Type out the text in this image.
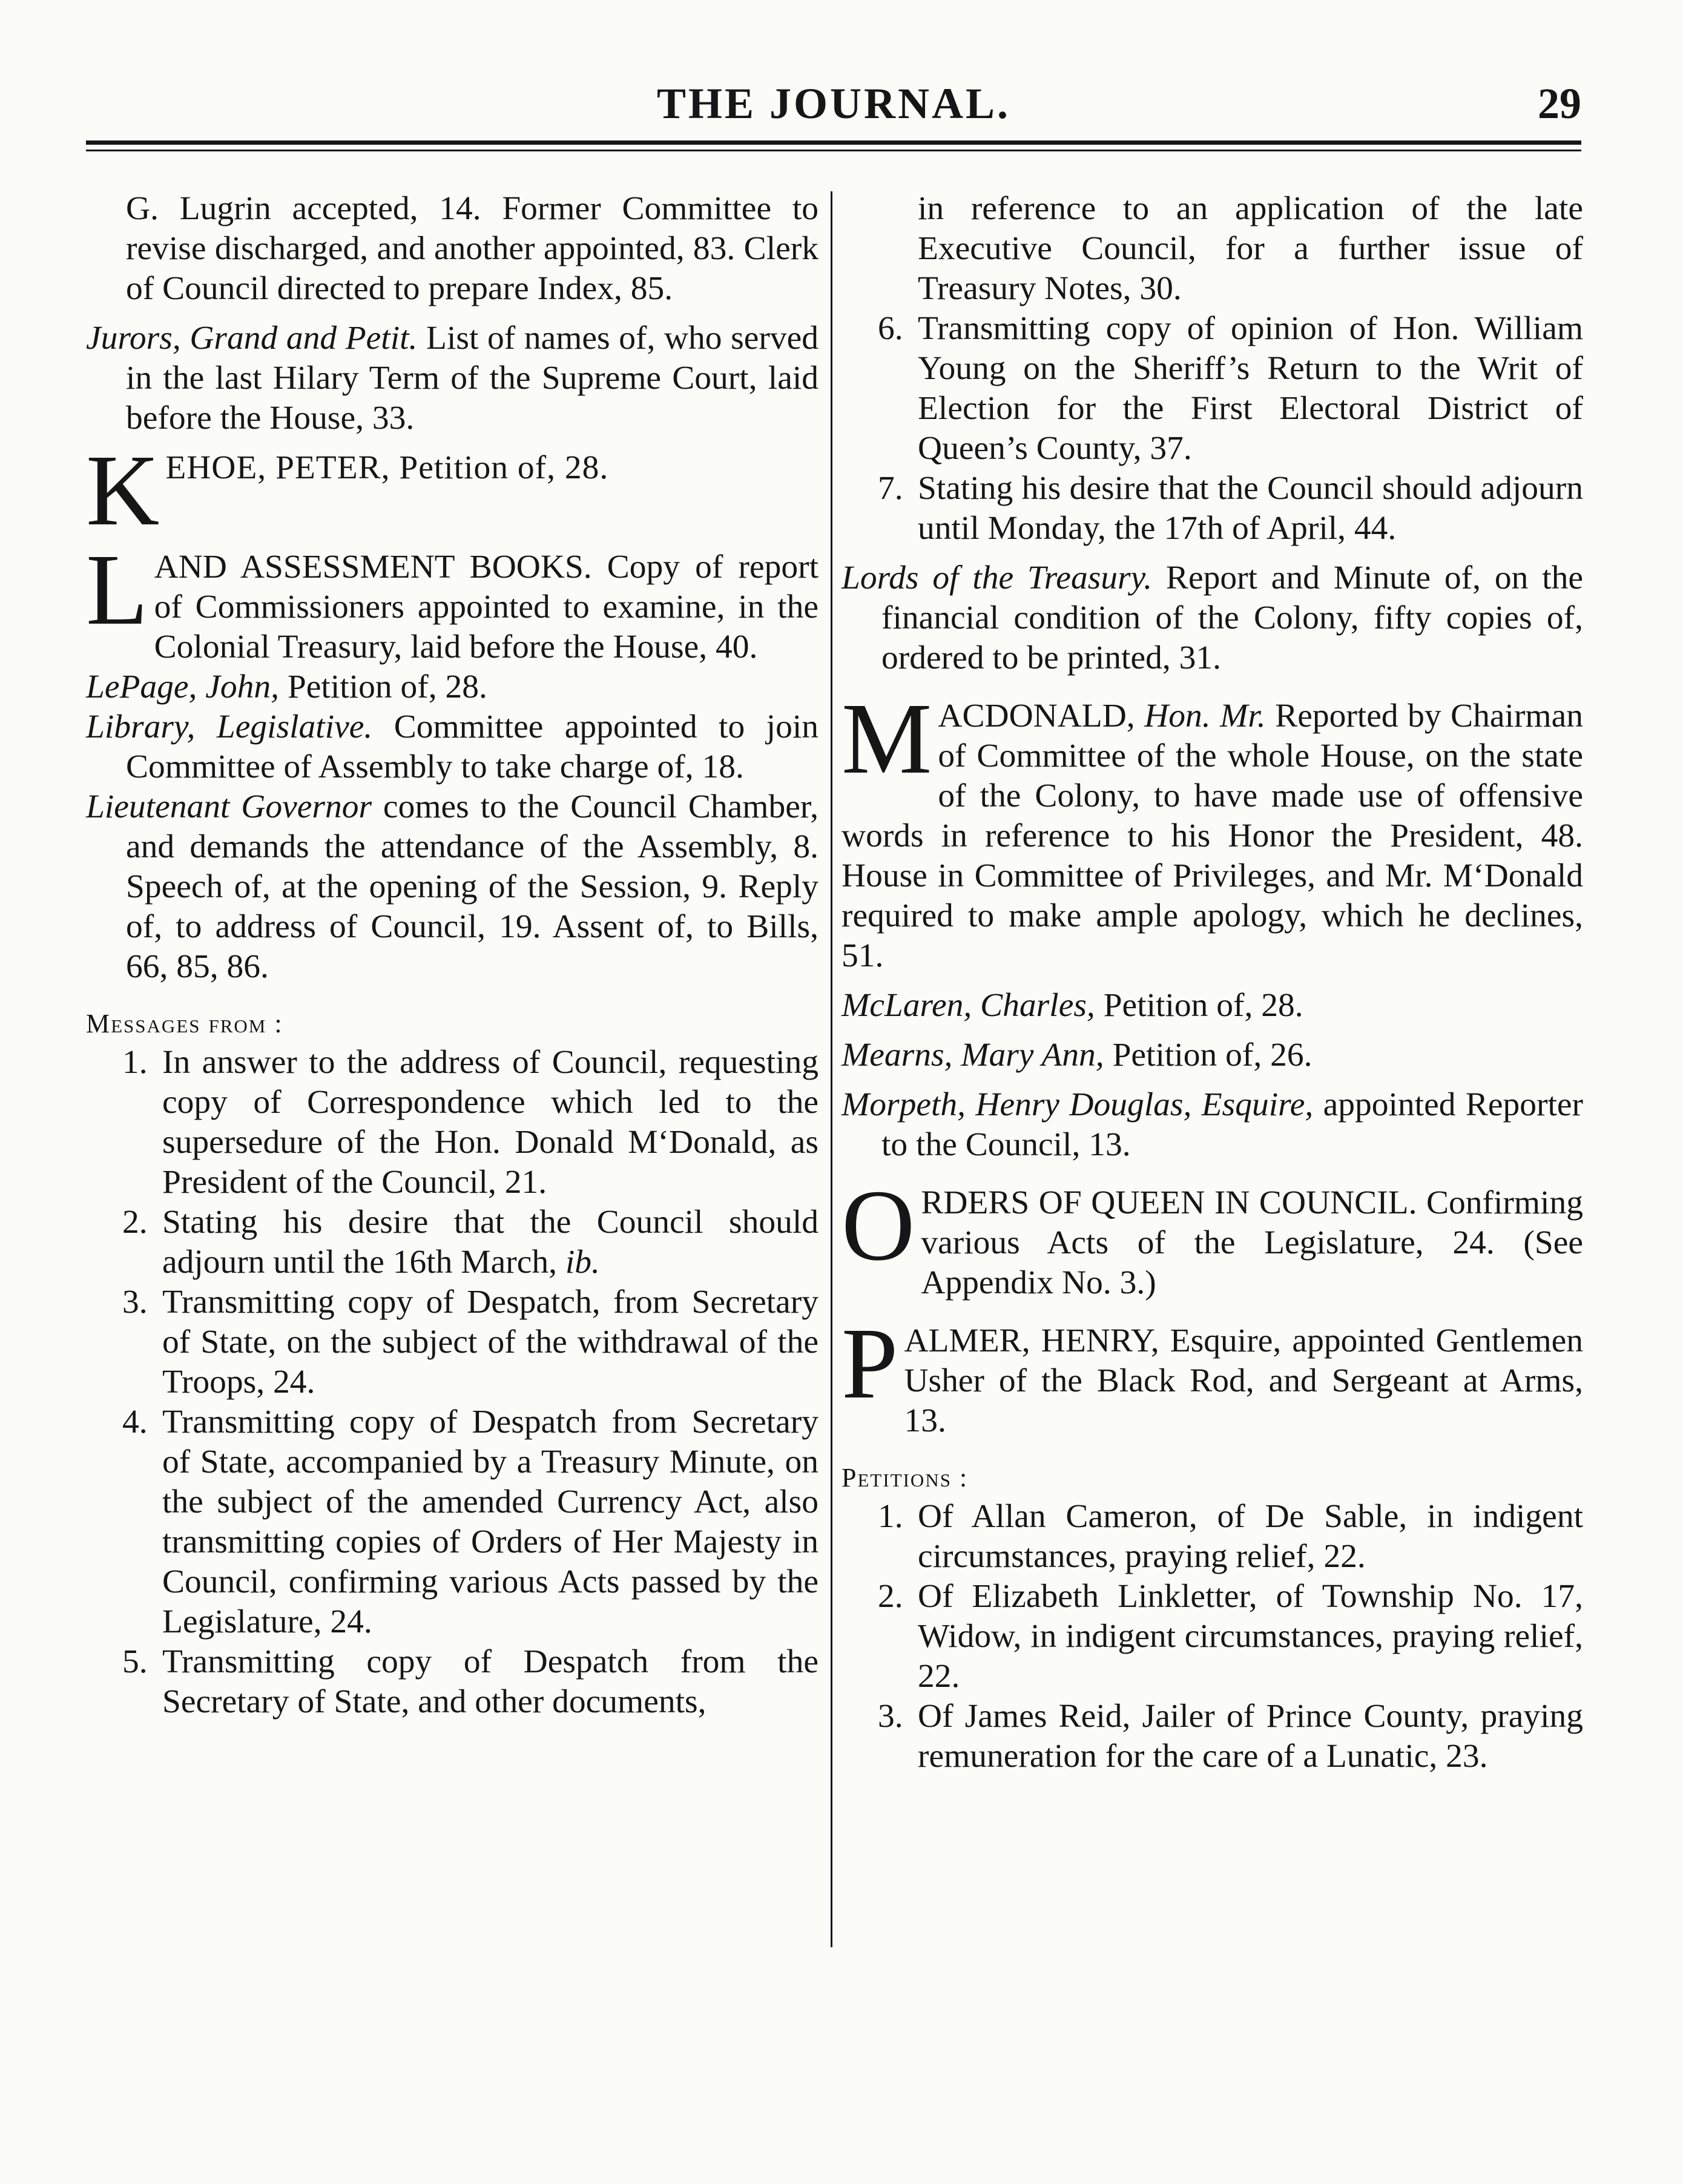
THE JOURNAL.	29

G. Lugrin accepted, 14. Former Committee to revise discharged, and another appointed, 83. Clerk of Council directed to prepare Index, 85.

Jurors, Grand and Petit. List of names of, who served in the last Hilary Term of the Supreme Court, laid before the House, 33.

K EHOE, PETER, Petition of, 28.
L AND ASSESSMENT BOOKS. Copy of report of Commissioners appointed to examine, in the Colonial Treasury, laid before the House, 40.

LePage, John, Petition of, 28.

Library, Legislative. Committee appointed to join Committee of Assembly to take charge of, 18.

Lieutenant Governor comes to the Council Chamber, and demands the attendance of the Assembly, 8. Speech of, at the opening of the Session, 9. Reply of, to address of Council, 19. Assent of, to Bills, 66, 85, 86.

Messages from :

1. In answer to the address of Council, requesting copy of Correspondence which led to the supersedure of the Hon. Donald M‘Donald, as President of the Council, 21.

2. Stating his desire that the Council should adjourn until the 16th March, ib.

3. Transmitting copy of Despatch, from Secretary of State, on the subject of the withdrawal of the Troops, 24.

4. Transmitting copy of Despatch from Secretary of State, accompanied by a Treasury Minute, on the subject of the amended Currency Act, also transmitting copies of Orders of Her Majesty in Council, confirming various Acts passed by the Legislature, 24.

5. Transmitting copy of Despatch from the Secretary of State, and other documents,

in reference to an application of the late Executive Council, for a further issue of Treasury Notes, 30.

6. Transmitting copy of opinion of Hon. William Young on the Sheriff’s Return to the Writ of Election for the First Electoral District of Queen’s County, 37.

7. Stating his desire that the Council should adjourn until Monday, the 17th of April, 44.

Lords of the Treasury. Report and Minute of, on the financial condition of the Colony, fifty copies of, ordered to be printed, 31.

M ACDONALD, Hon. Mr. Reported by Chairman of Committee of the whole House, on the state of the Colony, to have made use of offensive words in reference to his Honor the President, 48. House in Committee of Privileges, and Mr. M‘Donald required to make ample apology, which he declines, 51.

McLaren, Charles, Petition of, 28.

Mearns, Mary Ann, Petition of, 26.

Morpeth, Henry Douglas, Esquire, appointed Reporter to the Council, 13.

O RDERS OF QUEEN IN COUNCIL. Confirming various Acts of the Legislature, 24. (See Appendix No. 3.)
P ALMER, HENRY, Esquire, appointed Gentlemen Usher of the Black Rod, and Sergeant at Arms, 13.

Petitions :

1. Of Allan Cameron, of De Sable, in indigent circumstances, praying relief, 22.

2. Of Elizabeth Linkletter, of Township No. 17, Widow, in indigent circumstances, praying relief, 22.

3. Of James Reid, Jailer of Prince County, praying remuneration for the care of a Lunatic, 23.
